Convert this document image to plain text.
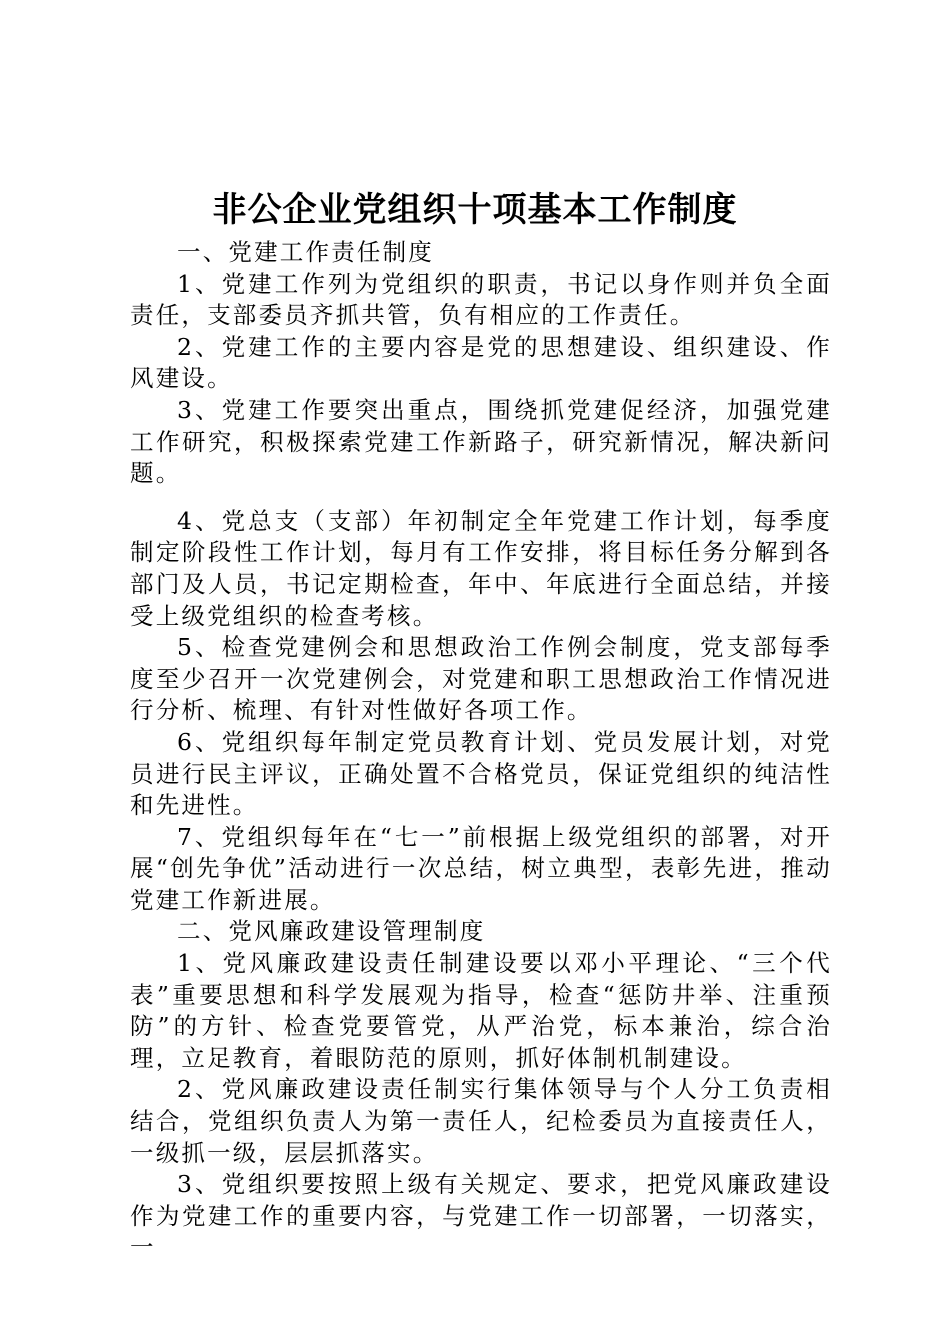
非公企业党组织十项基本工作制度

一、党建工作责任制度

1、党建工作列为党组织的职责，书记以身作则并负全面责任，支部委员齐抓共管，负有相应的工作责任。

2、党建工作的主要内容是党的思想建设、组织建设、作风建设。

3、党建工作要突出重点，围绕抓党建促经济，加强党建工作研究，积极探索党建工作新路子，研究新情况，解决新问题。

4、党总支（支部）年初制定全年党建工作计划，每季度制定阶段性工作计划，每月有工作安排，将目标任务分解到各部门及人员，书记定期检查，年中、年底进行全面总结，并接受上级党组织的检查考核。

5、检查党建例会和思想政治工作例会制度，党支部每季度至少召开一次党建例会，对党建和职工思想政治工作情况进行分析、梳理、有针对性做好各项工作。

6、党组织每年制定党员教育计划、党员发展计划，对党员进行民主评议，正确处置不合格党员，保证党组织的纯洁性和先进性。

7、党组织每年在“七一”前根据上级党组织的部署，对开展“创先争优”活动进行一次总结，树立典型，表彰先进，推动党建工作新进展。

二、党风廉政建设管理制度

1、党风廉政建设责任制建设要以邓小平理论、“三个代表”重要思想和科学发展观为指导，检查“惩防井举、注重预防”的方针、检查党要管党，从严治党，标本兼治，综合治理，立足教育，着眼防范的原则，抓好体制机制建设。

2、党风廉政建设责任制实行集体领导与个人分工负责相结合，党组织负责人为第一责任人，纪检委员为直接责任人，一级抓一级，层层抓落实。

3、党组织要按照上级有关规定、要求，把党风廉政建设作为党建工作的重要内容，与党建工作一切部署，一切落实，一
